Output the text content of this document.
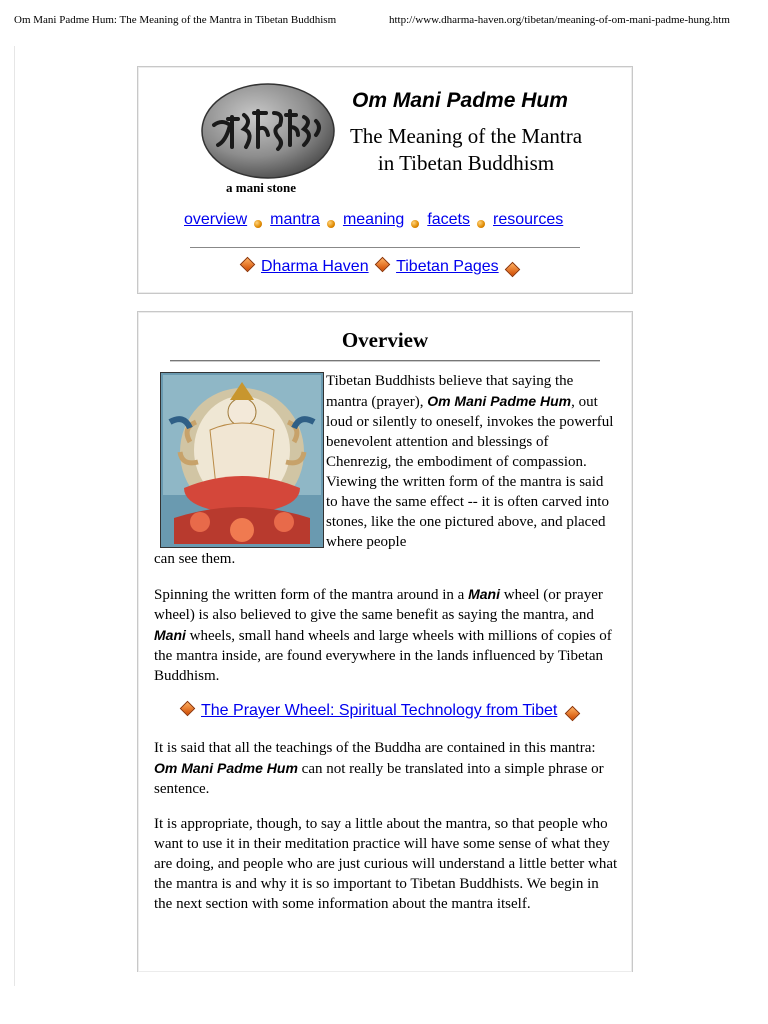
Om Mani Padme Hum: The Meaning of the Mantra in Tibetan Buddhism	http://www.dharma-haven.org/tibetan/meaning-of-om-mani-padme-hung.htm
a mani stone
Om Mani Padme Hum
The Meaning of the Mantra
in Tibetan Buddhism
overview mantra meaning facets resources
Dharma Haven Tibetan Pages
Overview
Tibetan Buddhists believe that saying the mantra (prayer), Om Mani Padme Hum, out loud or silently to oneself, invokes the powerful benevolent attention and blessings of Chenrezig, the embodiment of compassion. Viewing the written form of the mantra is said to have the same effect -- it is often carved into stones, like the one pictured above, and placed where people
can see them.
Spinning the written form of the mantra around in a Mani wheel (or prayer wheel) is also believed to give the same benefit as saying the mantra, and Mani wheels, small hand wheels and large wheels with millions of copies of the mantra inside, are found everywhere in the lands influenced by Tibetan Buddhism.
The Prayer Wheel: Spiritual Technology from Tibet
It is said that all the teachings of the Buddha are contained in this mantra: Om Mani Padme Hum can not really be translated into a simple phrase or sentence.
It is appropriate, though, to say a little about the mantra, so that people who want to use it in their meditation practice will have some sense of what they are doing, and people who are just curious will understand a little better what the mantra is and why it is so important to Tibetan Buddhists. We begin in the next section with some information about the mantra itself.
